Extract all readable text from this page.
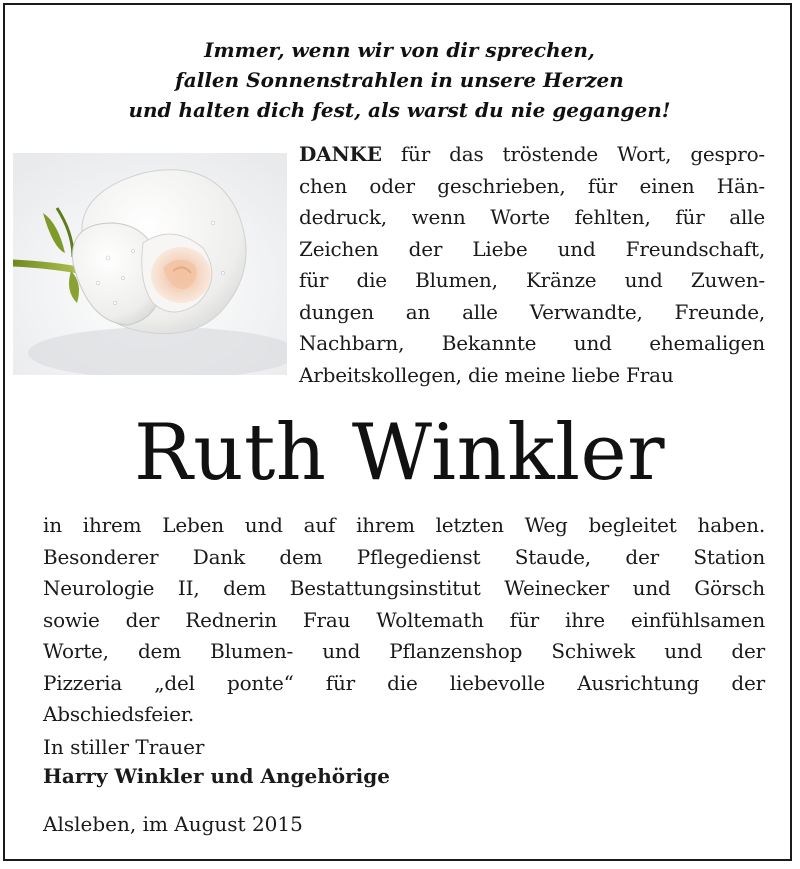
Immer, wenn wir von dir sprechen,
fallen Sonnenstrahlen in unsere Herzen
und halten dich fest, als warst du nie gegangen!
DANKE für das tröstende Wort, gespro-
chen oder geschrieben, für einen Hän-
dedruck, wenn Worte fehlten, für alle
Zeichen der Liebe und Freundschaft,
für die Blumen, Kränze und Zuwen-
dungen an alle Verwandte, Freunde,
Nachbarn, Bekannte und ehemaligen
Arbeitskollegen, die meine liebe Frau
Ruth Winkler
in ihrem Leben und auf ihrem letzten Weg begleitet haben.
Besonderer Dank dem Pflegedienst Staude, der Station
Neurologie II, dem Bestattungsinstitut Weinecker und Görsch
sowie der Rednerin Frau Woltemath für ihre einfühlsamen
Worte, dem Blumen- und Pflanzenshop Schiwek und der
Pizzeria „del ponte“ für die liebevolle Ausrichtung der
Abschiedsfeier.
In stiller Trauer
Harry Winkler und Angehörige
Alsleben, im August 2015
